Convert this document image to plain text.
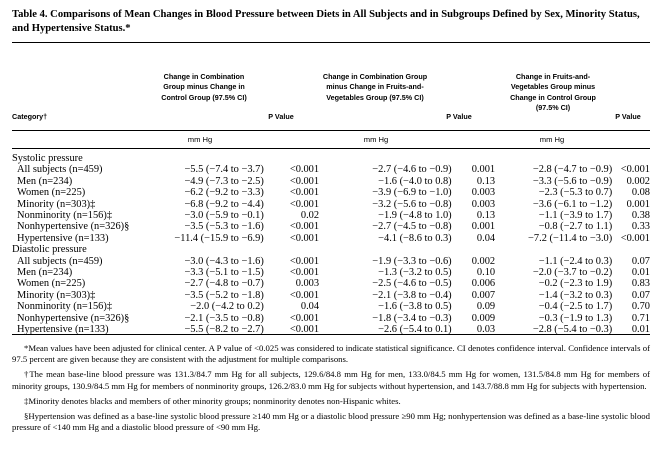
Table 4. Comparisons of Mean Changes in Blood Pressure between Diets in All Subjects and in Subgroups Defined by Sex, Minority Status, and Hypertensive Status.*
Category†
Change in Combination Group minus Change in Control Group (97.5% CI)
P Value
Change in Combination Group minus Change in Fruits-and-Vegetables Group (97.5% CI)
P Value
Change in Fruits-and-Vegetables Group minus Change in Control Group (97.5% CI)
P Value
mm Hg	mm Hg	mm Hg
Systolic pressure								
All subjects (n=459)	−5.5 (−7.4 to −3.7)	<0.001		−2.7 (−4.6 to −0.9)	0.001		−2.8 (−4.7 to −0.9)	<0.001
Men (n=234)	−4.9 (−7.3 to −2.5)	<0.001		−1.6 (−4.0 to 0.8)	0.13		−3.3 (−5.6 to −0.9)	0.002
Women (n=225)	−6.2 (−9.2 to −3.3)	<0.001		−3.9 (−6.9 to −1.0)	0.003		−2.3 (−5.3 to 0.7)	0.08
Minority (n=303)‡	−6.8 (−9.2 to −4.4)	<0.001		−3.2 (−5.6 to −0.8)	0.003		−3.6 (−6.1 to −1.2)	0.001
Nonminority (n=156)‡	−3.0 (−5.9 to −0.1)	0.02		−1.9 (−4.8 to 1.0)	0.13		−1.1 (−3.9 to 1.7)	0.38
Nonhypertensive (n=326)§	−3.5 (−5.3 to −1.6)	<0.001		−2.7 (−4.5 to −0.8)	0.001		−0.8 (−2.7 to 1.1)	0.33
Hypertensive (n=133)	−11.4 (−15.9 to −6.9)	<0.001		−4.1 (−8.6 to 0.3)	0.04		−7.2 (−11.4 to −3.0)	<0.001
Diastolic pressure								
All subjects (n=459)	−3.0 (−4.3 to −1.6)	<0.001		−1.9 (−3.3 to −0.6)	0.002		−1.1 (−2.4 to 0.3)	0.07
Men (n=234)	−3.3 (−5.1 to −1.5)	<0.001		−1.3 (−3.2 to 0.5)	0.10		−2.0 (−3.7 to −0.2)	0.01
Women (n=225)	−2.7 (−4.8 to −0.7)	0.003		−2.5 (−4.6 to −0.5)	0.006		−0.2 (−2.3 to 1.9)	0.83
Minority (n=303)‡	−3.5 (−5.2 to −1.8)	<0.001		−2.1 (−3.8 to −0.4)	0.007		−1.4 (−3.2 to 0.3)	0.07
Nonminority (n=156)‡	−2.0 (−4.2 to 0.2)	0.04		−1.6 (−3.8 to 0.5)	0.09		−0.4 (−2.5 to 1.7)	0.70
Nonhypertensive (n=326)§	−2.1 (−3.5 to −0.8)	<0.001		−1.8 (−3.4 to −0.3)	0.009		−0.3 (−1.9 to 1.3)	0.71
Hypertensive (n=133)	−5.5 (−8.2 to −2.7)	<0.001		−2.6 (−5.4 to 0.1)	0.03		−2.8 (−5.4 to −0.3)	0.01

*Mean values have been adjusted for clinical center. A P value of <0.025 was considered to indicate statistical significance. CI denotes confidence interval. Confidence intervals of 97.5 percent are given because they are consistent with the adjustment for multiple comparisons.

†The mean base-line blood pressure was 131.3/84.7 mm Hg for all subjects, 129.6/84.8 mm Hg for men, 133.0/84.5 mm Hg for women, 131.5/84.8 mm Hg for members of minority groups, 130.9/84.5 mm Hg for members of nonminority groups, 126.2/83.0 mm Hg for subjects without hypertension, and 143.7/88.8 mm Hg for subjects with hypertension.

‡Minority denotes blacks and members of other minority groups; nonminority denotes non-Hispanic whites.

§Hypertension was defined as a base-line systolic blood pressure ≥140 mm Hg or a diastolic blood pressure ≥90 mm Hg; nonhypertension was defined as a base-line systolic blood pressure of <140 mm Hg and a diastolic blood pressure of <90 mm Hg.
